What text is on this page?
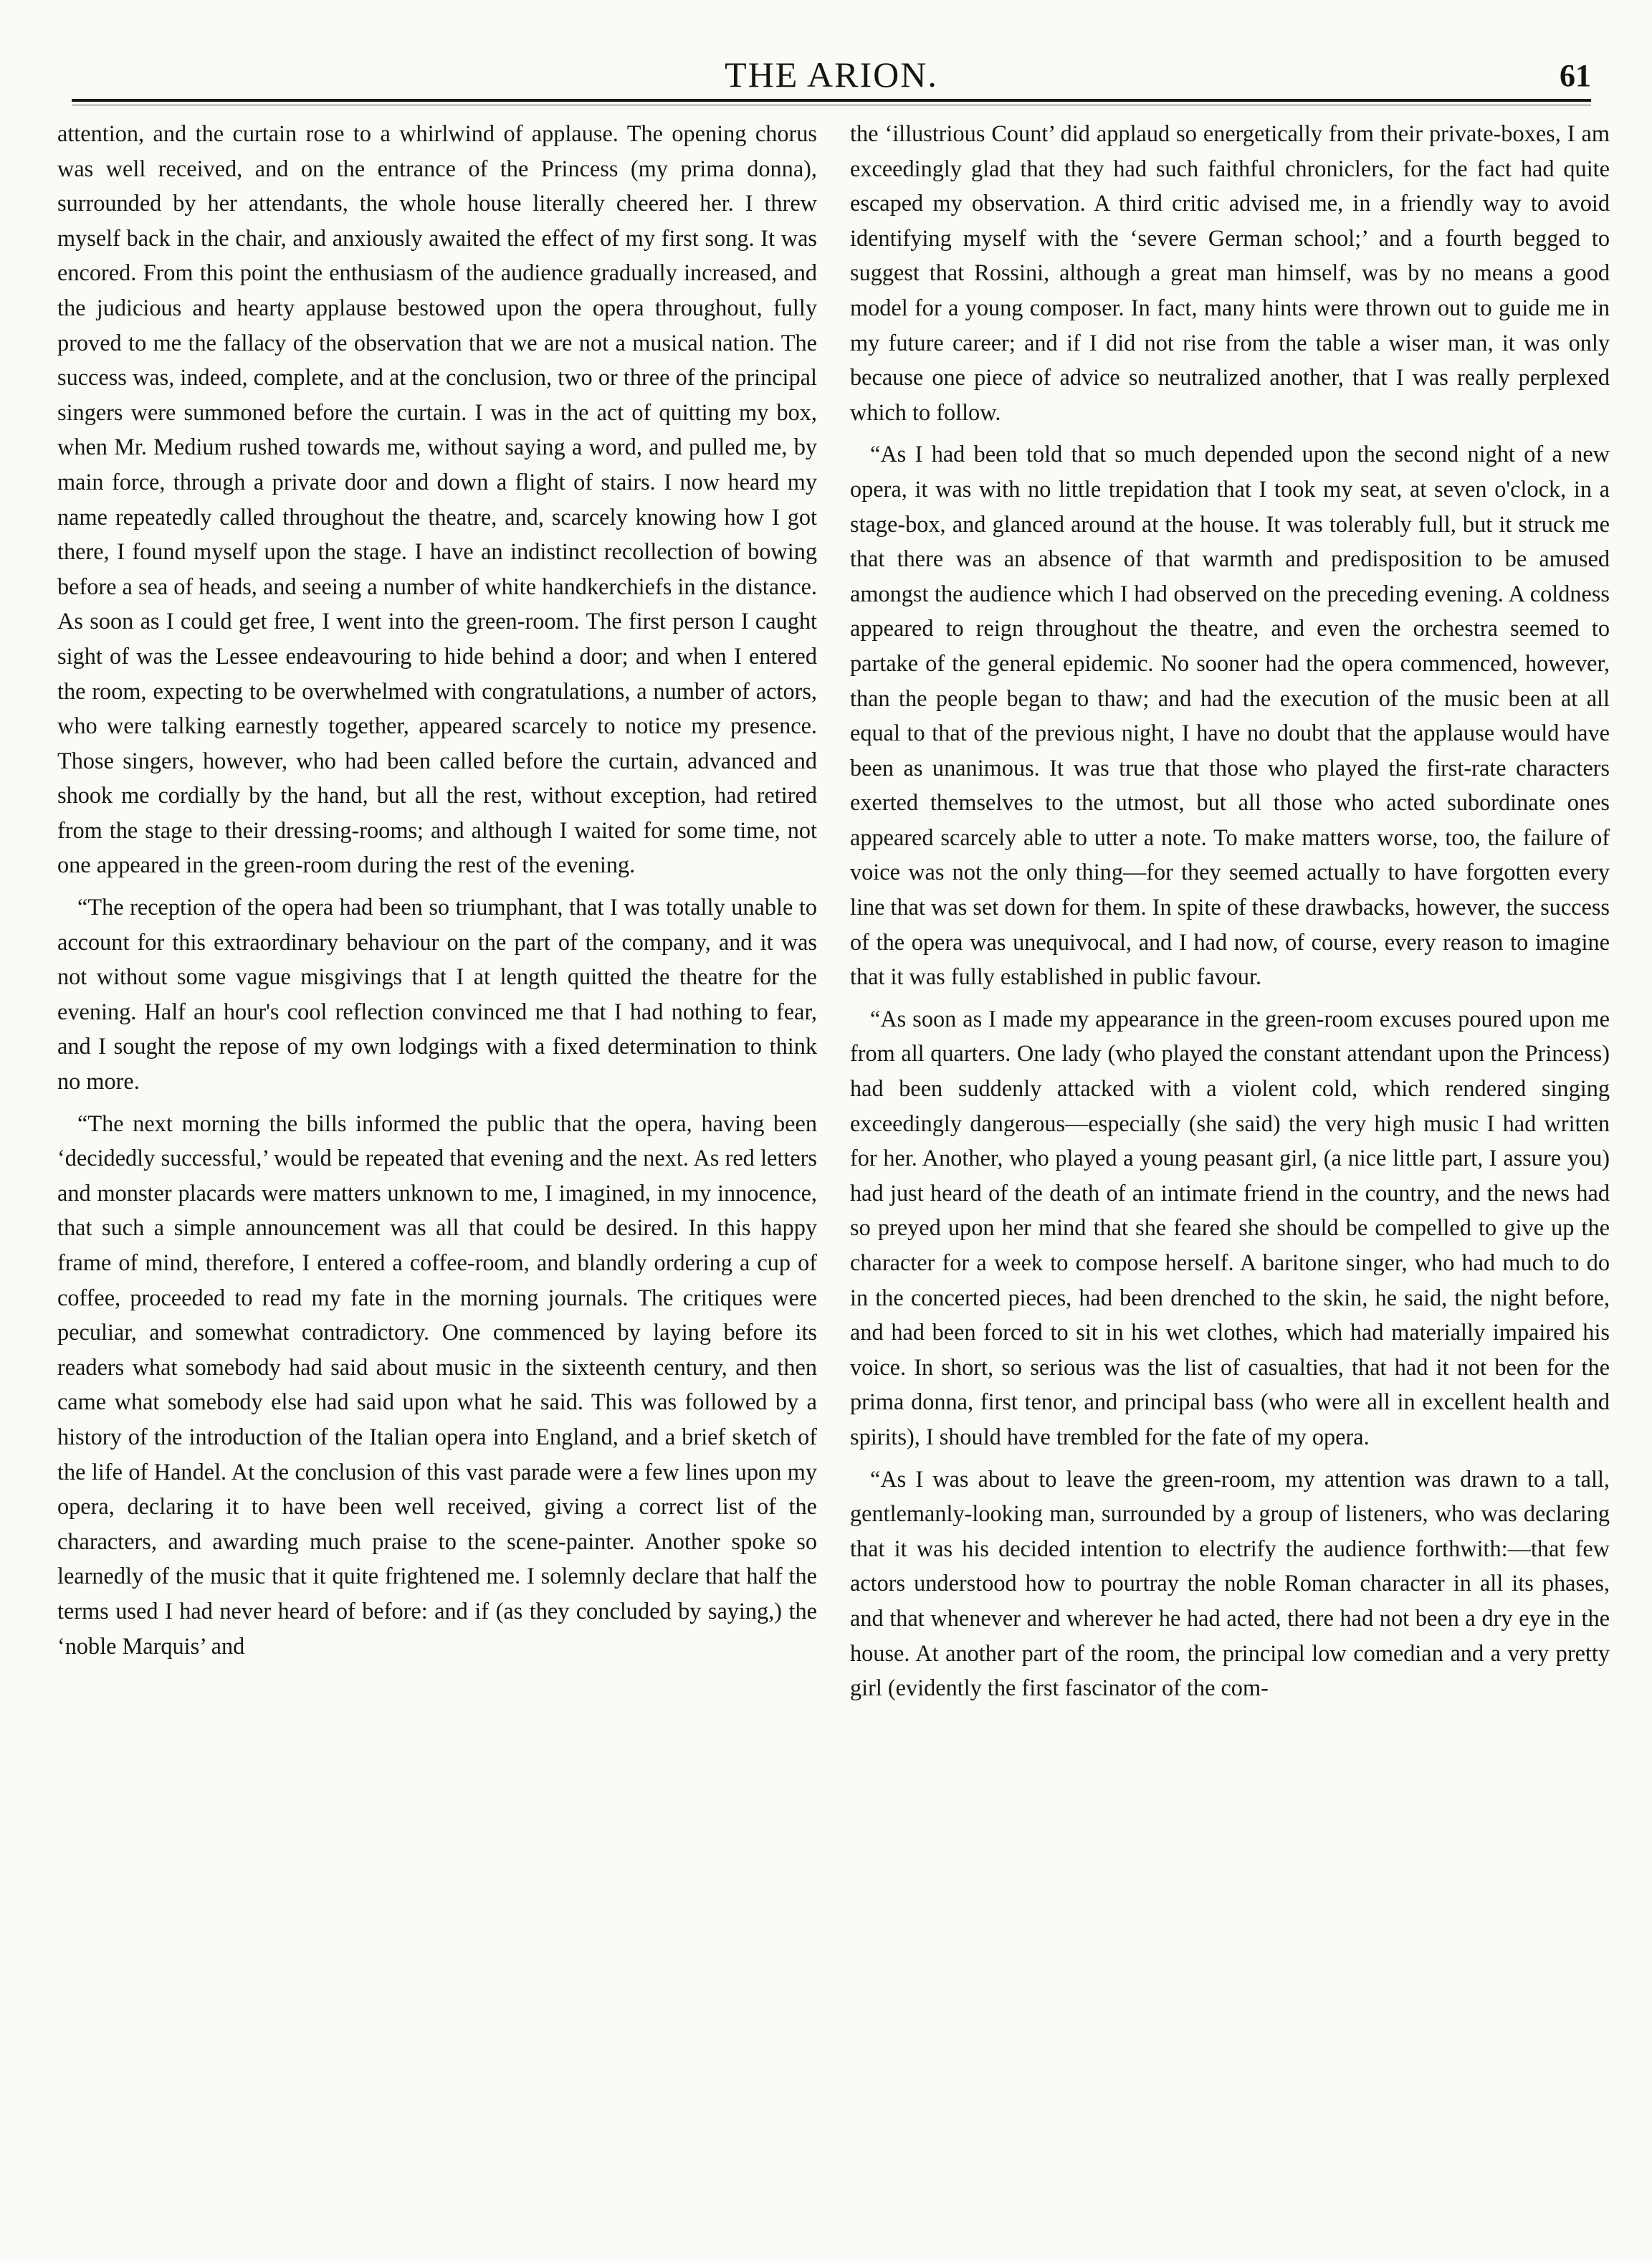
THE ARION.	61

attention, and the curtain rose to a whirlwind of applause. The opening chorus was well received, and on the entrance of the Princess (my prima donna), surrounded by her attendants, the whole house literally cheered her. I threw myself back in the chair, and anxiously awaited the effect of my first song. It was encored. From this point the enthusiasm of the audience gradually increased, and the judicious and hearty applause bestowed upon the opera throughout, fully proved to me the fallacy of the observation that we are not a musical nation. The success was, indeed, complete, and at the conclusion, two or three of the principal singers were summoned before the curtain. I was in the act of quitting my box, when Mr. Medium rushed towards me, without saying a word, and pulled me, by main force, through a private door and down a flight of stairs. I now heard my name repeatedly called throughout the theatre, and, scarcely knowing how I got there, I found myself upon the stage. I have an indistinct recollection of bowing before a sea of heads, and seeing a number of white handkerchiefs in the distance. As soon as I could get free, I went into the green-room. The first person I caught sight of was the Lessee endeavouring to hide behind a door; and when I entered the room, expecting to be overwhelmed with congratulations, a number of actors, who were talking earnestly together, appeared scarcely to notice my presence. Those singers, however, who had been called before the curtain, advanced and shook me cordially by the hand, but all the rest, without exception, had retired from the stage to their dressing-rooms; and although I waited for some time, not one appeared in the green-room during the rest of the evening.

“The reception of the opera had been so triumphant, that I was totally unable to account for this extraordinary behaviour on the part of the company, and it was not without some vague misgivings that I at length quitted the theatre for the evening. Half an hour's cool reflection convinced me that I had nothing to fear, and I sought the repose of my own lodgings with a fixed determination to think no more.

“The next morning the bills informed the public that the opera, having been ‘decidedly successful,’ would be repeated that evening and the next. As red letters and monster placards were matters unknown to me, I imagined, in my innocence, that such a simple announcement was all that could be desired. In this happy frame of mind, therefore, I entered a coffee-room, and blandly ordering a cup of coffee, proceeded to read my fate in the morning journals. The critiques were peculiar, and somewhat contradictory. One commenced by laying before its readers what somebody had said about music in the sixteenth century, and then came what somebody else had said upon what he said. This was followed by a history of the introduction of the Italian opera into England, and a brief sketch of the life of Handel. At the conclusion of this vast parade were a few lines upon my opera, declaring it to have been well received, giving a correct list of the characters, and awarding much praise to the scene-painter. Another spoke so learnedly of the music that it quite frightened me. I solemnly declare that half the terms used I had never heard of before: and if (as they concluded by saying,) the ‘noble Marquis’ and

the ‘illustrious Count’ did applaud so energetically from their private-boxes, I am exceedingly glad that they had such faithful chroniclers, for the fact had quite escaped my observation. A third critic advised me, in a friendly way to avoid identifying myself with the ‘severe German school;’ and a fourth begged to suggest that Rossini, although a great man himself, was by no means a good model for a young composer. In fact, many hints were thrown out to guide me in my future career; and if I did not rise from the table a wiser man, it was only because one piece of advice so neutralized another, that I was really perplexed which to follow.

“As I had been told that so much depended upon the second night of a new opera, it was with no little trepidation that I took my seat, at seven o'clock, in a stage-box, and glanced around at the house. It was tolerably full, but it struck me that there was an absence of that warmth and predisposition to be amused amongst the audience which I had observed on the preceding evening. A coldness appeared to reign throughout the theatre, and even the orchestra seemed to partake of the general epidemic. No sooner had the opera commenced, however, than the people began to thaw; and had the execution of the music been at all equal to that of the previous night, I have no doubt that the applause would have been as unanimous. It was true that those who played the first-rate characters exerted themselves to the utmost, but all those who acted subordinate ones appeared scarcely able to utter a note. To make matters worse, too, the failure of voice was not the only thing—for they seemed actually to have forgotten every line that was set down for them. In spite of these drawbacks, however, the success of the opera was unequivocal, and I had now, of course, every reason to imagine that it was fully established in public favour.

“As soon as I made my appearance in the green-room excuses poured upon me from all quarters. One lady (who played the constant attendant upon the Princess) had been suddenly attacked with a violent cold, which rendered singing exceedingly dangerous—especially (she said) the very high music I had written for her. Another, who played a young peasant girl, (a nice little part, I assure you) had just heard of the death of an intimate friend in the country, and the news had so preyed upon her mind that she feared she should be compelled to give up the character for a week to compose herself. A baritone singer, who had much to do in the concerted pieces, had been drenched to the skin, he said, the night before, and had been forced to sit in his wet clothes, which had materially impaired his voice. In short, so serious was the list of casualties, that had it not been for the prima donna, first tenor, and principal bass (who were all in excellent health and spirits), I should have trembled for the fate of my opera.

“As I was about to leave the green-room, my attention was drawn to a tall, gentlemanly-looking man, surrounded by a group of listeners, who was declaring that it was his decided intention to electrify the audience forthwith:—that few actors understood how to pourtray the noble Roman character in all its phases, and that whenever and wherever he had acted, there had not been a dry eye in the house. At another part of the room, the principal low comedian and a very pretty girl (evidently the first fascinator of the com-
